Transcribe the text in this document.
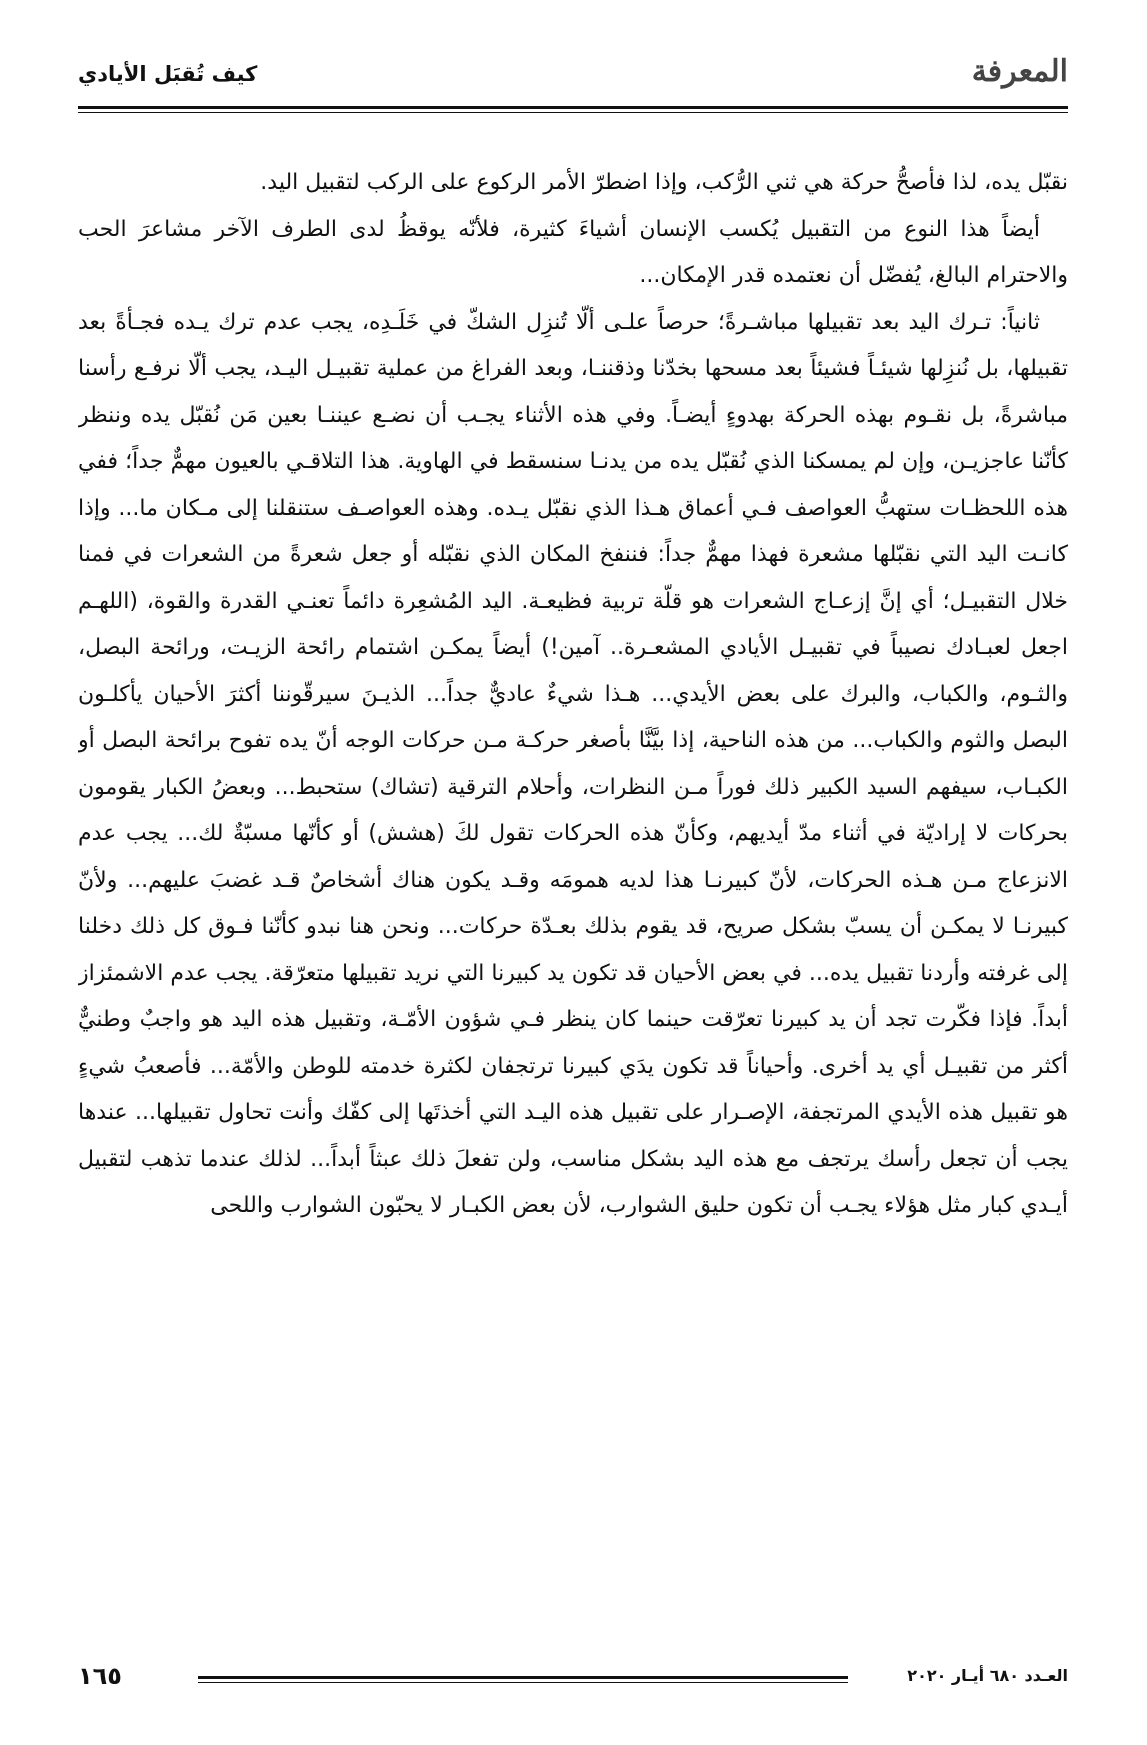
المعرفة
كيف تُقبَل الأيادي

نقبّل يده، لذا فأصحُّ حركة هي ثني الرُّكب، وإذا اضطرّ الأمر الركوع على الركب لتقبيل اليد.

أيضاً هذا النوع من التقبيل يُكسب الإنسان أشياءَ كثيرة، فلأنّه يوقظُ لدى الطرف الآخر مشاعرَ الحب والاحترام البالغ، يُفضّل أن نعتمده قدر الإمكان...

ثانياً: تـرك اليد بعد تقبيلها مباشـرةً؛ حرصاً علـى ألّا تُنزِل الشكّ في خَلَـدِه، يجب عدم ترك يـده فجـأةً بعد تقبيلها، بل نُنزِلها شيئـاً فشيئاً بعد مسحها بخدّنا وذقننـا، وبعد الفراغ من عملية تقبيـل اليـد، يجب ألّا نرفـع رأسنا مباشرةً، بل نقـوم بهذه الحركة بهدوءٍ أيضـاً. وفي هذه الأثناء يجـب أن نضـع عيننـا بعين مَن نُقبّل يده وننظر كأنّنا عاجزيـن، وإن لم يمسكنا الذي نُقبّل يده من يدنـا سنسقط في الهاوية. هذا التلاقـي بالعيون مهمٌّ جداً؛ ففي هذه اللحظـات ستهبُّ العواصف فـي أعماق هـذا الذي نقبّل يـده. وهذه العواصـف ستنقلنا إلى مـكان ما... وإذا كانـت اليد التي نقبّلها مشعرة فهذا مهمٌّ جداً: فننفخ المكان الذي نقبّله أو جعل شعرةً من الشعرات في فمنا خلال التقبيـل؛ أي إنَّ إزعـاج الشعرات هو قلّة تربية فظيعـة. اليد المُشعِرة دائماً تعنـي القدرة والقوة، (اللهـم اجعل لعبـادك نصيباً في تقبيـل الأيادي المشعـرة.. آمين!) أيضاً يمكـن اشتمام رائحة الزيـت، ورائحة البصل، والثـوم، والكباب، والبرك على بعض الأيدي... هـذا شيءٌ عاديٌّ جداً... الذيـنَ سيرقّوننا أكثرَ الأحيان يأكلـون البصل والثوم والكباب... من هذه الناحية، إذا بيَّنَّا بأصغر حركـة مـن حركات الوجه أنّ يده تفوح برائحة البصل أو الكبـاب، سيفهم السيد الكبير ذلك فوراً مـن النظرات، وأحلام الترقية (تشاك) ستحبط... وبعضُ الكبار يقومون بحركات لا إراديّة في أثناء مدّ أيديهم، وكأنّ هذه الحركات تقول لكَ (هشش) أو كأنّها مسبّةٌ لك... يجب عدم الانزعاج مـن هـذه الحركات، لأنّ كبيرنـا هذا لديه همومَه وقـد يكون هناك أشخاصٌ قـد غضبَ عليهم... ولأنّ كبيرنـا لا يمكـن أن يسبّ بشكل صريح، قد يقوم بذلك بعـدّة حركات... ونحن هنا نبدو كأنّنا فـوق كل ذلك دخلنا إلى غرفته وأردنا تقبيل يده... في بعض الأحيان قد تكون يد كبيرنا التي نريد تقبيلها متعرّقة. يجب عدم الاشمئزاز أبداً. فإذا فكّرت تجد أن يد كبيرنا تعرّقت حينما كان ينظر فـي شؤون الأمّـة، وتقبيل هذه اليد هو واجبٌ وطنيٌّ أكثر من تقبيـل أي يد أخرى. وأحياناً قد تكون يدَي كبيرنا ترتجفان لكثرة خدمته للوطن والأمّة... فأصعبُ شيءٍ هو تقبيل هذه الأيدي المرتجفة، الإصـرار على تقبيل هذه اليـد التي أخذتَها إلى كفّك وأنت تحاول تقبيلها... عندها يجب أن تجعل رأسك يرتجف مع هذه اليد بشكل مناسب، ولن تفعلَ ذلك عبثاً أبداً... لذلك عندما تذهب لتقبيل أيـدي كبار مثل هؤلاء يجـب أن تكون حليق الشوارب، لأن بعض الكبـار لا يحبّون الشوارب واللحى

العـدد ٦٨٠ أيـار ٢٠٢٠
١٦٥
